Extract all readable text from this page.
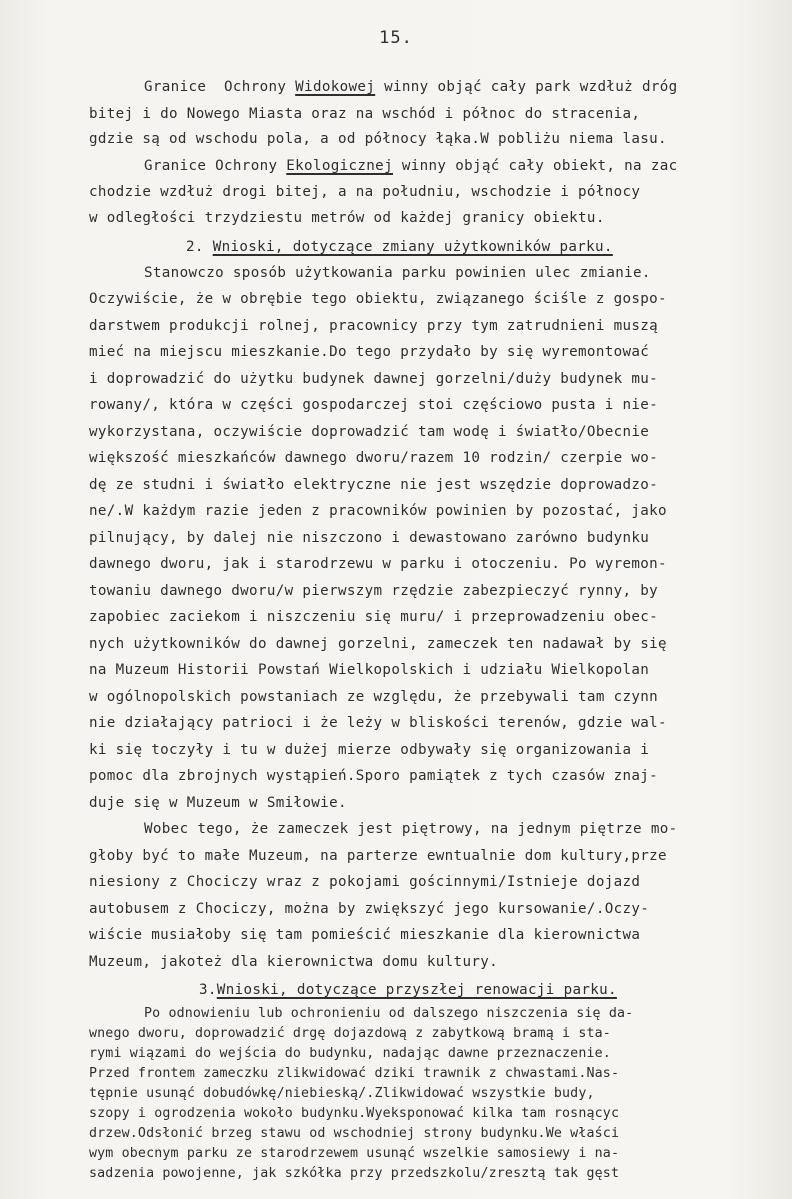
15.
Granice  Ochrony Widokowej winny objąć cały park wzdłuż dróg
bitej i do Nowego Miasta oraz na wschód i północ do stracenia,
gdzie są od wschodu pola, a od północy łąka.W pobliżu niema lasu.
Granice Ochrony Ekologicznej winny objąć cały obiekt, na zac
chodzie wzdłuż drogi bitej, a na południu, wschodzie i północy
w odległości trzydziestu metrów od każdej granicy obiektu.
2. Wnioski, dotyczące zmiany użytkowników parku.
Stanowczo sposób użytkowania parku powinien ulec zmianie.
Oczywiście, że w obrębie tego obiektu, związanego ściśle z gospo-
darstwem produkcji rolnej, pracownicy przy tym zatrudnieni muszą
mieć na miejscu mieszkanie.Do tego przydało by się wyremontować
i doprowadzić do użytku budynek dawnej gorzelni/duży budynek mu-
rowany/, która w części gospodarczej stoi częściowo pusta i nie-
wykorzystana, oczywiście doprowadzić tam wodę i światło/Obecnie
większość mieszkańców dawnego dworu/razem 10 rodzin/ czerpie wo-
dę ze studni i światło elektryczne nie jest wszędzie doprowadzo-
ne/.W każdym razie jeden z pracowników powinien by pozostać, jako
pilnujący, by dalej nie niszczono i dewastowano zarówno budynku
dawnego dworu, jak i starodrzewu w parku i otoczeniu. Po wyremon-
towaniu dawnego dworu/w pierwszym rzędzie zabezpieczyć rynny, by
zapobiec zaciekom i niszczeniu się muru/ i przeprowadzeniu obec-
nych użytkowników do dawnej gorzelni, zameczek ten nadawał by się
na Muzeum Historii Powstań Wielkopolskich i udziału Wielkopolan
w ogólnopolskich powstaniach ze względu, że przebywali tam czynn
nie działający patrioci i że leży w bliskości terenów, gdzie wal-
ki się toczyły i tu w dużej mierze odbywały się organizowania i
pomoc dla zbrojnych wystąpień.Sporo pamiątek z tych czasów znaj-
duje się w Muzeum w Smiłowie.
Wobec tego, że zameczek jest piętrowy, na jednym piętrze mo-
głoby być to małe Muzeum, na parterze ewntualnie dom kultury,prze
niesiony z Chociczy wraz z pokojami gościnnymi/Istnieje dojazd
autobusem z Chociczy, można by zwiększyć jego kursowanie/.Oczy-
wiście musiałoby się tam pomieścić mieszkanie dla kierownictwa
Muzeum, jakoteż dla kierownictwa domu kultury.
3.Wnioski, dotyczące przyszłej renowacji parku.
Po odnowieniu lub ochronieniu od dalszego niszczenia się da-
wnego dworu, doprowadzić drgę dojazdową z zabytkową bramą i sta-
rymi wiązami do wejścia do budynku, nadając dawne przeznaczenie.
Przed frontem zameczku zlikwidować dziki trawnik z chwastami.Nas-
tępnie usunąć dobudówkę/niebieską/.Zlikwidować wszystkie budy,
szopy i ogrodzenia wokoło budynku.Wyeksponować kilka tam rosnącyc
drzew.Odsłonić brzeg stawu od wschodniej strony budynku.We właści
wym obecnym parku ze starodrzewem usunąć wszelkie samosiewy i na-
sadzenia powojenne, jak szkółka przy przedszkolu/zresztą tak gęst
